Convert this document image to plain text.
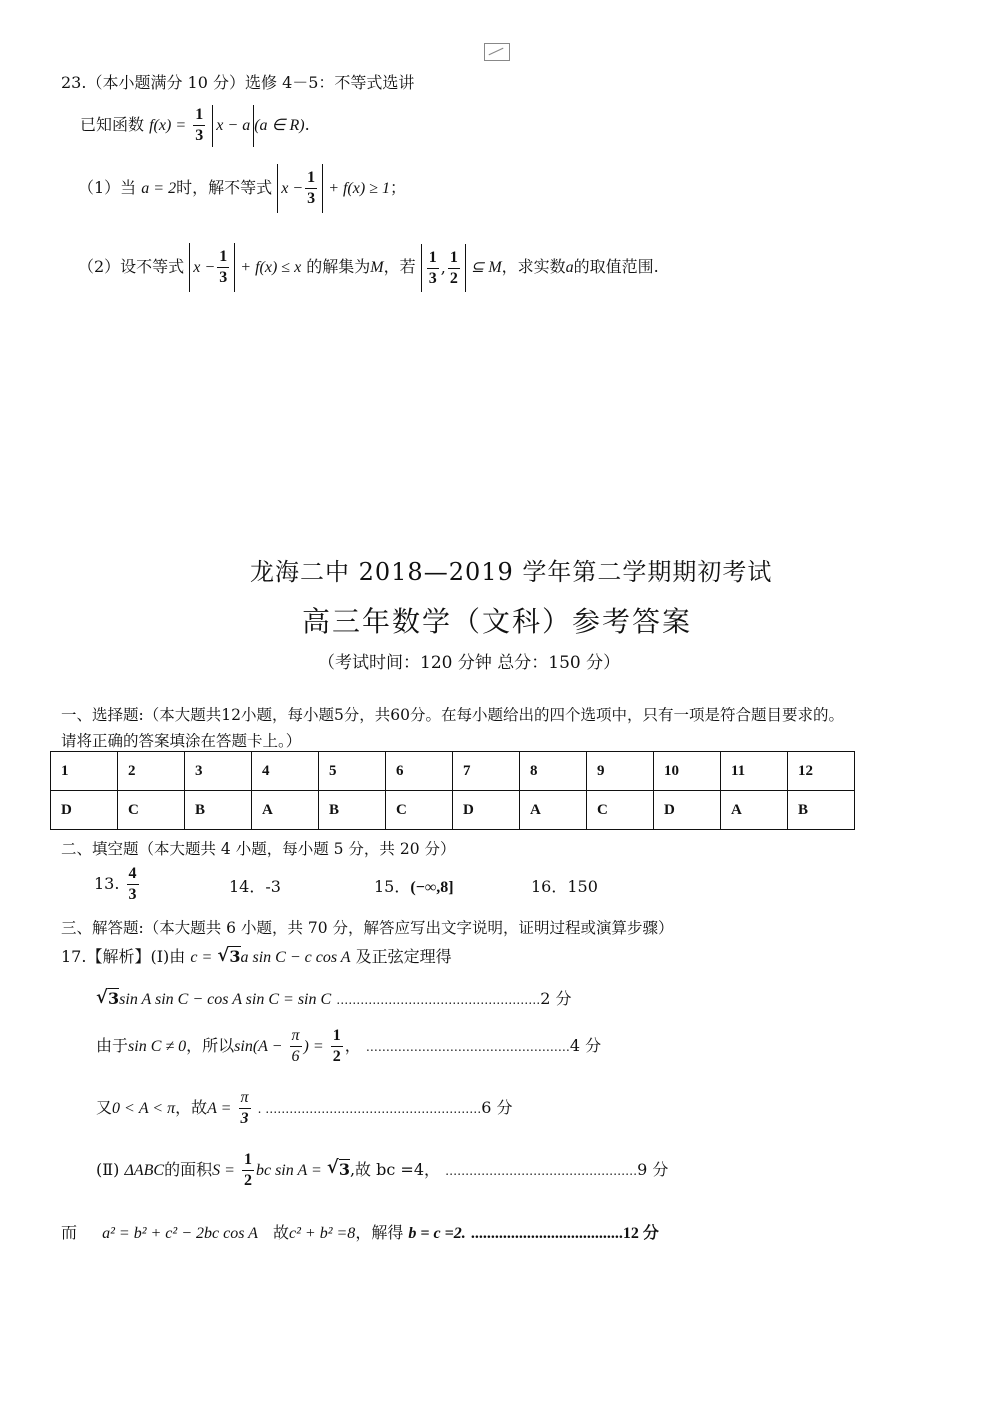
23.（本小题满分 10 分）选修 4－5：不等式选讲
已知函数 $f(x) = \frac{1}{3}$ x − a (a ∈ R).
（1）当 a = 2时，解不等式 $x - \frac{1}{3} + f(x) \ge 1$；
（2）设不等式 $x - \frac{1}{3} + f(x) \le x$ 的解集为M，若 $\frac{1}{3}$ , $\frac{1}{2}$ ⊆ M，求实数a的取值范围.
龙海二中 2018—2019 学年第二学期期初考试
高三年数学（文科）参考答案
（考试时间：120 分钟 总分：150 分）
一、选择题:（本大题共12小题，每小题5分，共60分。在每小题给出的四个选项中，只有一项是符合题目要求的。
请将正确的答案填涂在答题卡上。）
1	2	3	4	5	6	7	8	9	10	11	12
D	C	B	A	B	C	D	A	C	D	A	B
二、填空题（本大题共 4 小题，每小题 5 分，共 20 分）
13. $\frac{4}{3}$	14．-3	15．(−∞,8]	16．150
三、解答题:（本大题共 6 小题，共 70 分，解答应写出文字说明，证明过程或演算步骤）
17.【解析】(Ⅰ)由 c = √ 3a sin C − c cos A 及正弦定理得
√ 3sin A sin C − cos A sin C = sin C ……………………………………………2 分
由于sin C ≠ 0，所以$\sin(A - \frac{\pi}{6}$ ) = $\frac{1}{2}$ ， ……………………………………………4 分
又0 < A < π，故$A = \frac{\pi}{3}$ . ………………………………………………6 分
(Ⅱ) ΔABC的面积$S = \frac{1}{2}$ bc sin A = √ 3,故 bc =4， …………………………………………9 分
而 a² = b² + c² − 2bc cos A 故c² + b² =8，解得 b = c =2. ......................................12 分
